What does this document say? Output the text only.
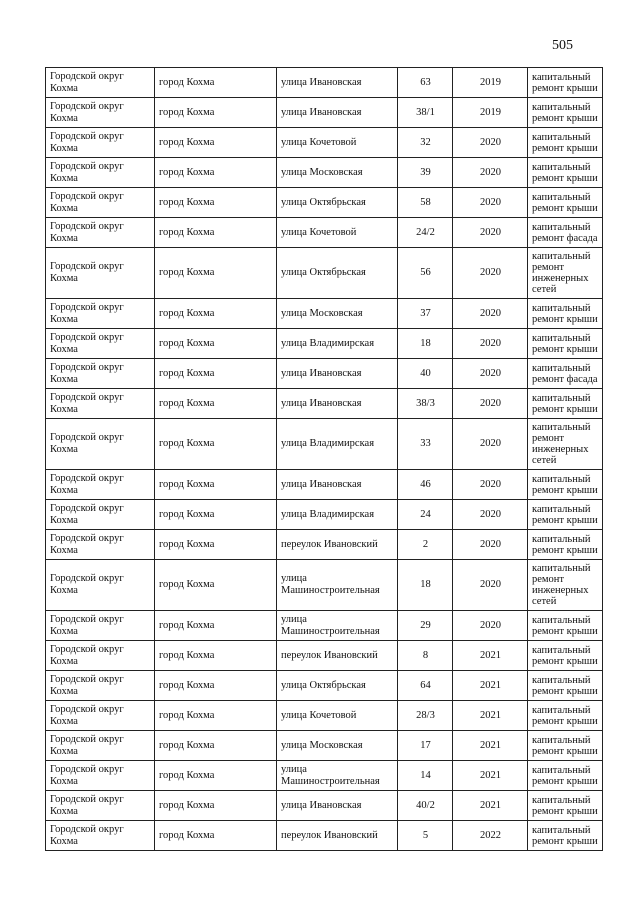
505
Городской округ Кохма	город Кохма	улица Ивановская	63	2019	капитальный ремонт крыши
Городской округ Кохма	город Кохма	улица Ивановская	38/1	2019	капитальный ремонт крыши
Городской округ Кохма	город Кохма	улица Кочетовой	32	2020	капитальный ремонт крыши
Городской округ Кохма	город Кохма	улица Московская	39	2020	капитальный ремонт крыши
Городской округ Кохма	город Кохма	улица Октябрьская	58	2020	капитальный ремонт крыши
Городской округ Кохма	город Кохма	улица Кочетовой	24/2	2020	капитальный ремонт фасада
Городской округ Кохма	город Кохма	улица Октябрьская	56	2020	капитальный ремонт инженерных сетей
Городской округ Кохма	город Кохма	улица Московская	37	2020	капитальный ремонт крыши
Городской округ Кохма	город Кохма	улица Владимирская	18	2020	капитальный ремонт крыши
Городской округ Кохма	город Кохма	улица Ивановская	40	2020	капитальный ремонт фасада
Городской округ Кохма	город Кохма	улица Ивановская	38/3	2020	капитальный ремонт крыши
Городской округ Кохма	город Кохма	улица Владимирская	33	2020	капитальный ремонт инженерных сетей
Городской округ Кохма	город Кохма	улица Ивановская	46	2020	капитальный ремонт крыши
Городской округ Кохма	город Кохма	улица Владимирская	24	2020	капитальный ремонт крыши
Городской округ Кохма	город Кохма	переулок Ивановский	2	2020	капитальный ремонт крыши
Городской округ Кохма	город Кохма	улица Машиностроительная	18	2020	капитальный ремонт инженерных сетей
Городской округ Кохма	город Кохма	улица Машиностроительная	29	2020	капитальный ремонт крыши
Городской округ Кохма	город Кохма	переулок Ивановский	8	2021	капитальный ремонт крыши
Городской округ Кохма	город Кохма	улица Октябрьская	64	2021	капитальный ремонт крыши
Городской округ Кохма	город Кохма	улица Кочетовой	28/3	2021	капитальный ремонт крыши
Городской округ Кохма	город Кохма	улица Московская	17	2021	капитальный ремонт крыши
Городской округ Кохма	город Кохма	улица Машиностроительная	14	2021	капитальный ремонт крыши
Городской округ Кохма	город Кохма	улица Ивановская	40/2	2021	капитальный ремонт крыши
Городской округ Кохма	город Кохма	переулок Ивановский	5	2022	капитальный ремонт крыши
